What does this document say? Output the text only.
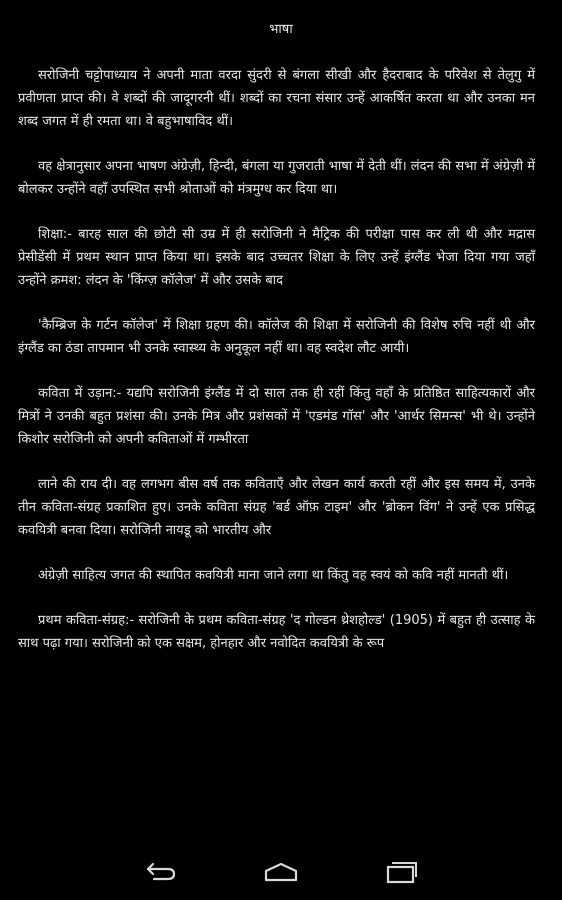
भाषा

सरोजिनी चट्टोपाध्याय ने अपनी माता वरदा सुंदरी से बंगला सीखी और हैदराबाद के परिवेश से तेलुगु में प्रवीणता प्राप्त की। वे शब्दों की जादूगरनी थीं। शब्दों का रचना संसार उन्हें आकर्षित करता था और उनका मन शब्द जगत में ही रमता था। वे बहुभाषाविद थीं।

वह क्षेत्रानुसार अपना भाषण अंग्रेज़ी, हिन्दी, बंगला या गुजराती भाषा में देती थीं। लंदन की सभा में अंग्रेज़ी में बोलकर उन्होंने वहाँ उपस्थित सभी श्रोताओं को मंत्रमुग्ध कर दिया था।

शिक्षा:- बारह साल की छोटी सी उम्र में ही सरोजिनी ने मैट्रिक की परीक्षा पास कर ली थी और मद्रास प्रेसीडेंसी में प्रथम स्थान प्राप्त किया था। इसके बाद उच्चतर शिक्षा के लिए उन्हें इंग्लैंड भेजा दिया गया जहाँ उन्होंने क्रमश: लंदन के 'किंग्ज़ कॉलेज' में और उसके बाद

'कैम्ब्रिज के गर्टन कॉलेज' में शिक्षा ग्रहण की। कॉलेज की शिक्षा में सरोजिनी की विशेष रुचि नहीं थी और इंग्लैंड का ठंडा तापमान भी उनके स्वास्थ्य के अनुकूल नहीं था। वह स्वदेश लौट आयी।

कविता में उड़ान:- यद्यपि सरोजिनी इंग्लैंड में दो साल तक ही रहीं किंतु वहाँ के प्रतिष्ठित साहित्यकारों और मित्रों ने उनकी बहुत प्रशंसा की। उनके मित्र और प्रशंसकों में 'एडमंड गॉस' और 'आर्थर सिमन्स' भी थे। उन्होंने किशोर सरोजिनी को अपनी कविताओं में गम्भीरता

लाने की राय दी। वह लगभग बीस वर्ष तक कविताएँ और लेखन कार्य करती रहीं और इस समय में, उनके तीन कविता-संग्रह प्रकाशित हुए। उनके कविता संग्रह 'बर्ड ऑफ़ टाइम' और 'ब्रोकन विंग' ने उन्हें एक प्रसिद्ध कवयित्री बनवा दिया। सरोजिनी नायडू को भारतीय और

अंग्रेज़ी साहित्य जगत की स्थापित कवयित्री माना जाने लगा था किंतु वह स्वयं को कवि नहीं मानती थीं।

प्रथम कविता-संग्रह:- सरोजिनी के प्रथम कविता-संग्रह 'द गोल्डन थ्रेशहोल्ड' (1905) में बहुत ही उत्साह के साथ पढ़ा गया। सरोजिनी को एक सक्षम, होनहार और नवोदित कवयित्री के रूप
